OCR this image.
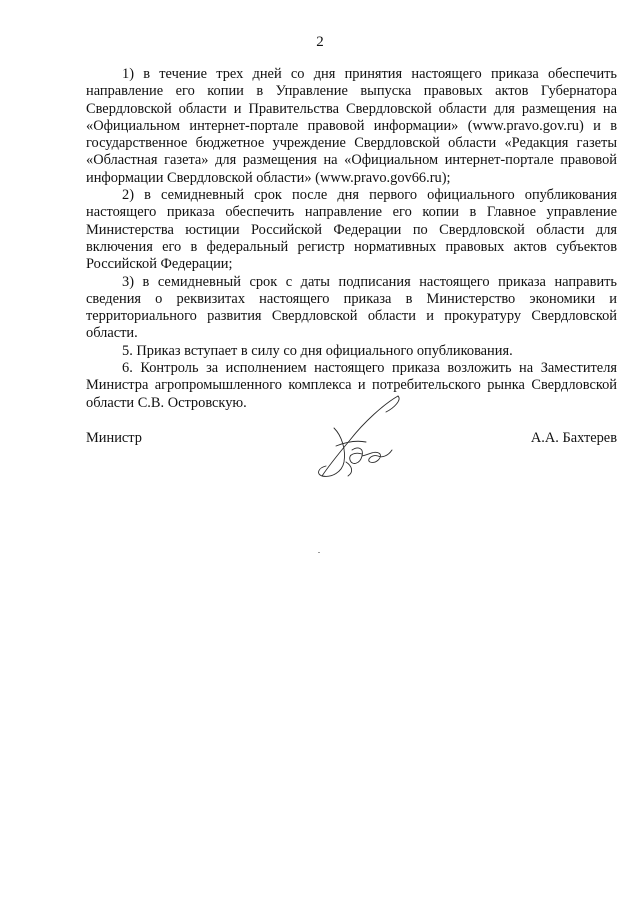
2

1) в течение трех дней со дня принятия настоящего приказа обеспечить направление его копии в Управление выпуска правовых актов Губернатора Свердловской области и Правительства Свердловской области для размещения на «Официальном интернет-портале правовой информации» (www.pravo.gov.ru) и в государственное бюджетное учреждение Свердловской области «Редакция газеты «Областная газета» для размещения на «Официальном интернет-портале правовой информации Свердловской области» (www.pravo.gov66.ru);

2) в семидневный срок после дня первого официального опубликования настоящего приказа обеспечить направление его копии в Главное управление Министерства юстиции Российской Федерации по Свердловской области для включения его в федеральный регистр нормативных правовых актов субъектов Российской Федерации;

3) в семидневный срок с даты подписания настоящего приказа направить сведения о реквизитах настоящего приказа в Министерство экономики и территориального развития Свердловской области и прокуратуру Свердловской области.

5. Приказ вступает в силу со дня официального опубликования.

6. Контроль за исполнением настоящего приказа возложить на Заместителя Министра агропромышленного комплекса и потребительского рынка Свердловской области С.В. Островскую.

Министр	А.А. Бахтерев
